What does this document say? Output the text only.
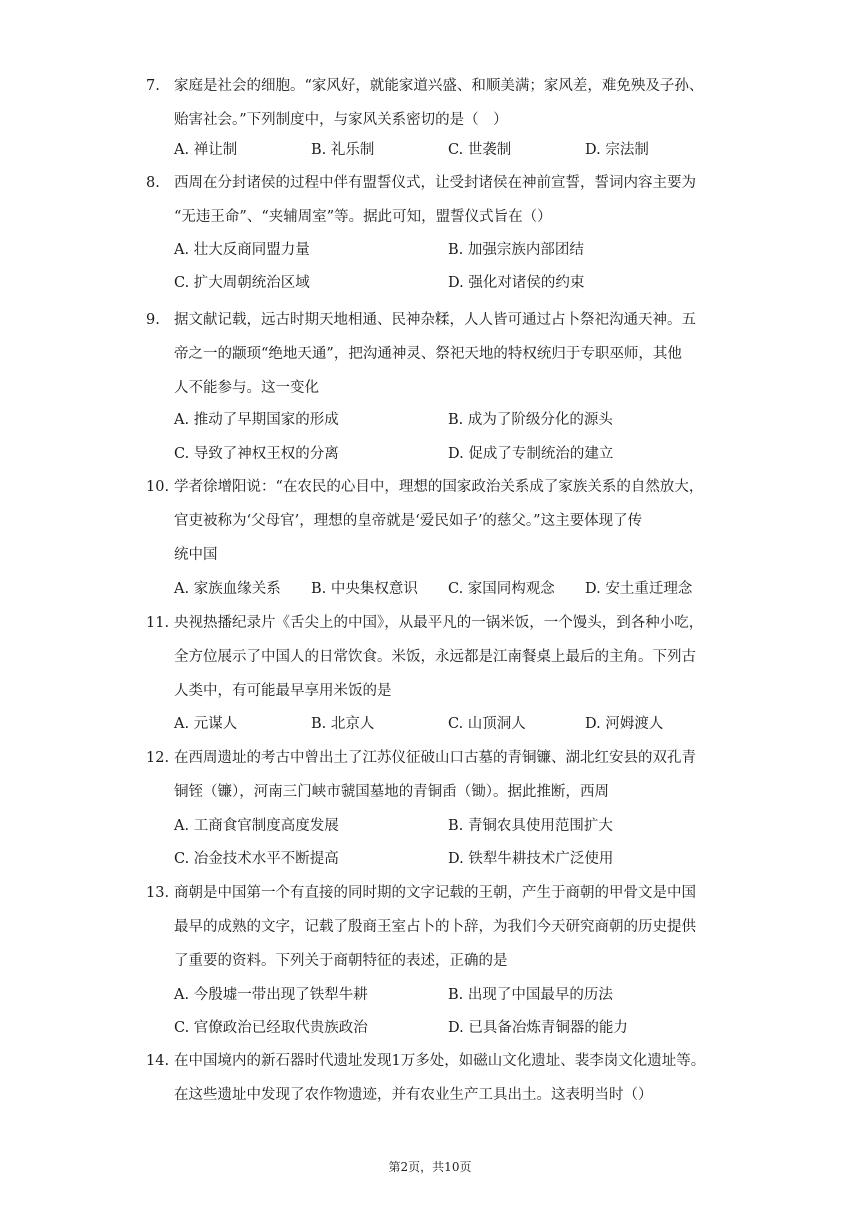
7. 家庭是社会的细胞。“家风好，就能家道兴盛、和顺美满；家风差，难免殃及子孙、
贻害社会。”下列制度中，与家风关系密切的是（　）
A. 禅让制	B. 礼乐制	C. 世袭制	D. 宗法制
8. 西周在分封诸侯的过程中伴有盟誓仪式，让受封诸侯在神前宣誓，誓词内容主要为
“无违王命”、“夹辅周室”等。据此可知，盟誓仪式旨在（）
A. 壮大反商同盟力量	B. 加强宗族内部团结
C. 扩大周朝统治区域	D. 强化对诸侯的约束
9. 据文献记载，远古时期天地相通、民神杂糅，人人皆可通过占卜祭祀沟通天神。五
帝之一的颛顼“绝地天通”，把沟通神灵、祭祀天地的特权统归于专职巫师，其他
人不能参与。这一变化
A. 推动了早期国家的形成	B. 成为了阶级分化的源头
C. 导致了神权王权的分离	D. 促成了专制统治的建立
10. 学者徐增阳说：“在农民的心目中，理想的国家政治关系成了家族关系的自然放大，
官吏被称为‘父母官’，理想的皇帝就是‘爱民如子’的慈父。”这主要体现了传
统中国
A. 家族血缘关系 B. 中央集权意识 C. 家国同构观念 D. 安土重迁理念
11. 央视热播纪录片《舌尖上的中国》，从最平凡的一锅米饭，一个馒头，到各种小吃，
全方位展示了中国人的日常饮食。米饭，永远都是江南餐桌上最后的主角。下列古
人类中，有可能最早享用米饭的是
A. 元谋人	B. 北京人	C. 山顶洞人	D. 河姆渡人
12. 在西周遗址的考古中曾出土了江苏仪征破山口古墓的青铜镰、湖北红安县的双孔青
铜铚（镰），河南三门峡市虢国墓地的青铜臿（锄）。据此推断，西周
A. 工商食官制度高度发展	B. 青铜农具使用范围扩大
C. 冶金技术水平不断提高	D. 铁犁牛耕技术广泛使用
13. 商朝是中国第一个有直接的同时期的文字记载的王朝，产生于商朝的甲骨文是中国
最早的成熟的文字，记载了殷商王室占卜的卜辞，为我们今天研究商朝的历史提供
了重要的资料。下列关于商朝特征的表述，正确的是
A. 今殷墟一带出现了铁犁牛耕	B. 出现了中国最早的历法
C. 官僚政治已经取代贵族政治	D. 已具备冶炼青铜器的能力
14. 在中国境内的新石器时代遗址发现1万多处，如磁山文化遗址、裴李岗文化遗址等。
在这些遗址中发现了农作物遗迹，并有农业生产工具出土。这表明当时（）
第2页，共10页
